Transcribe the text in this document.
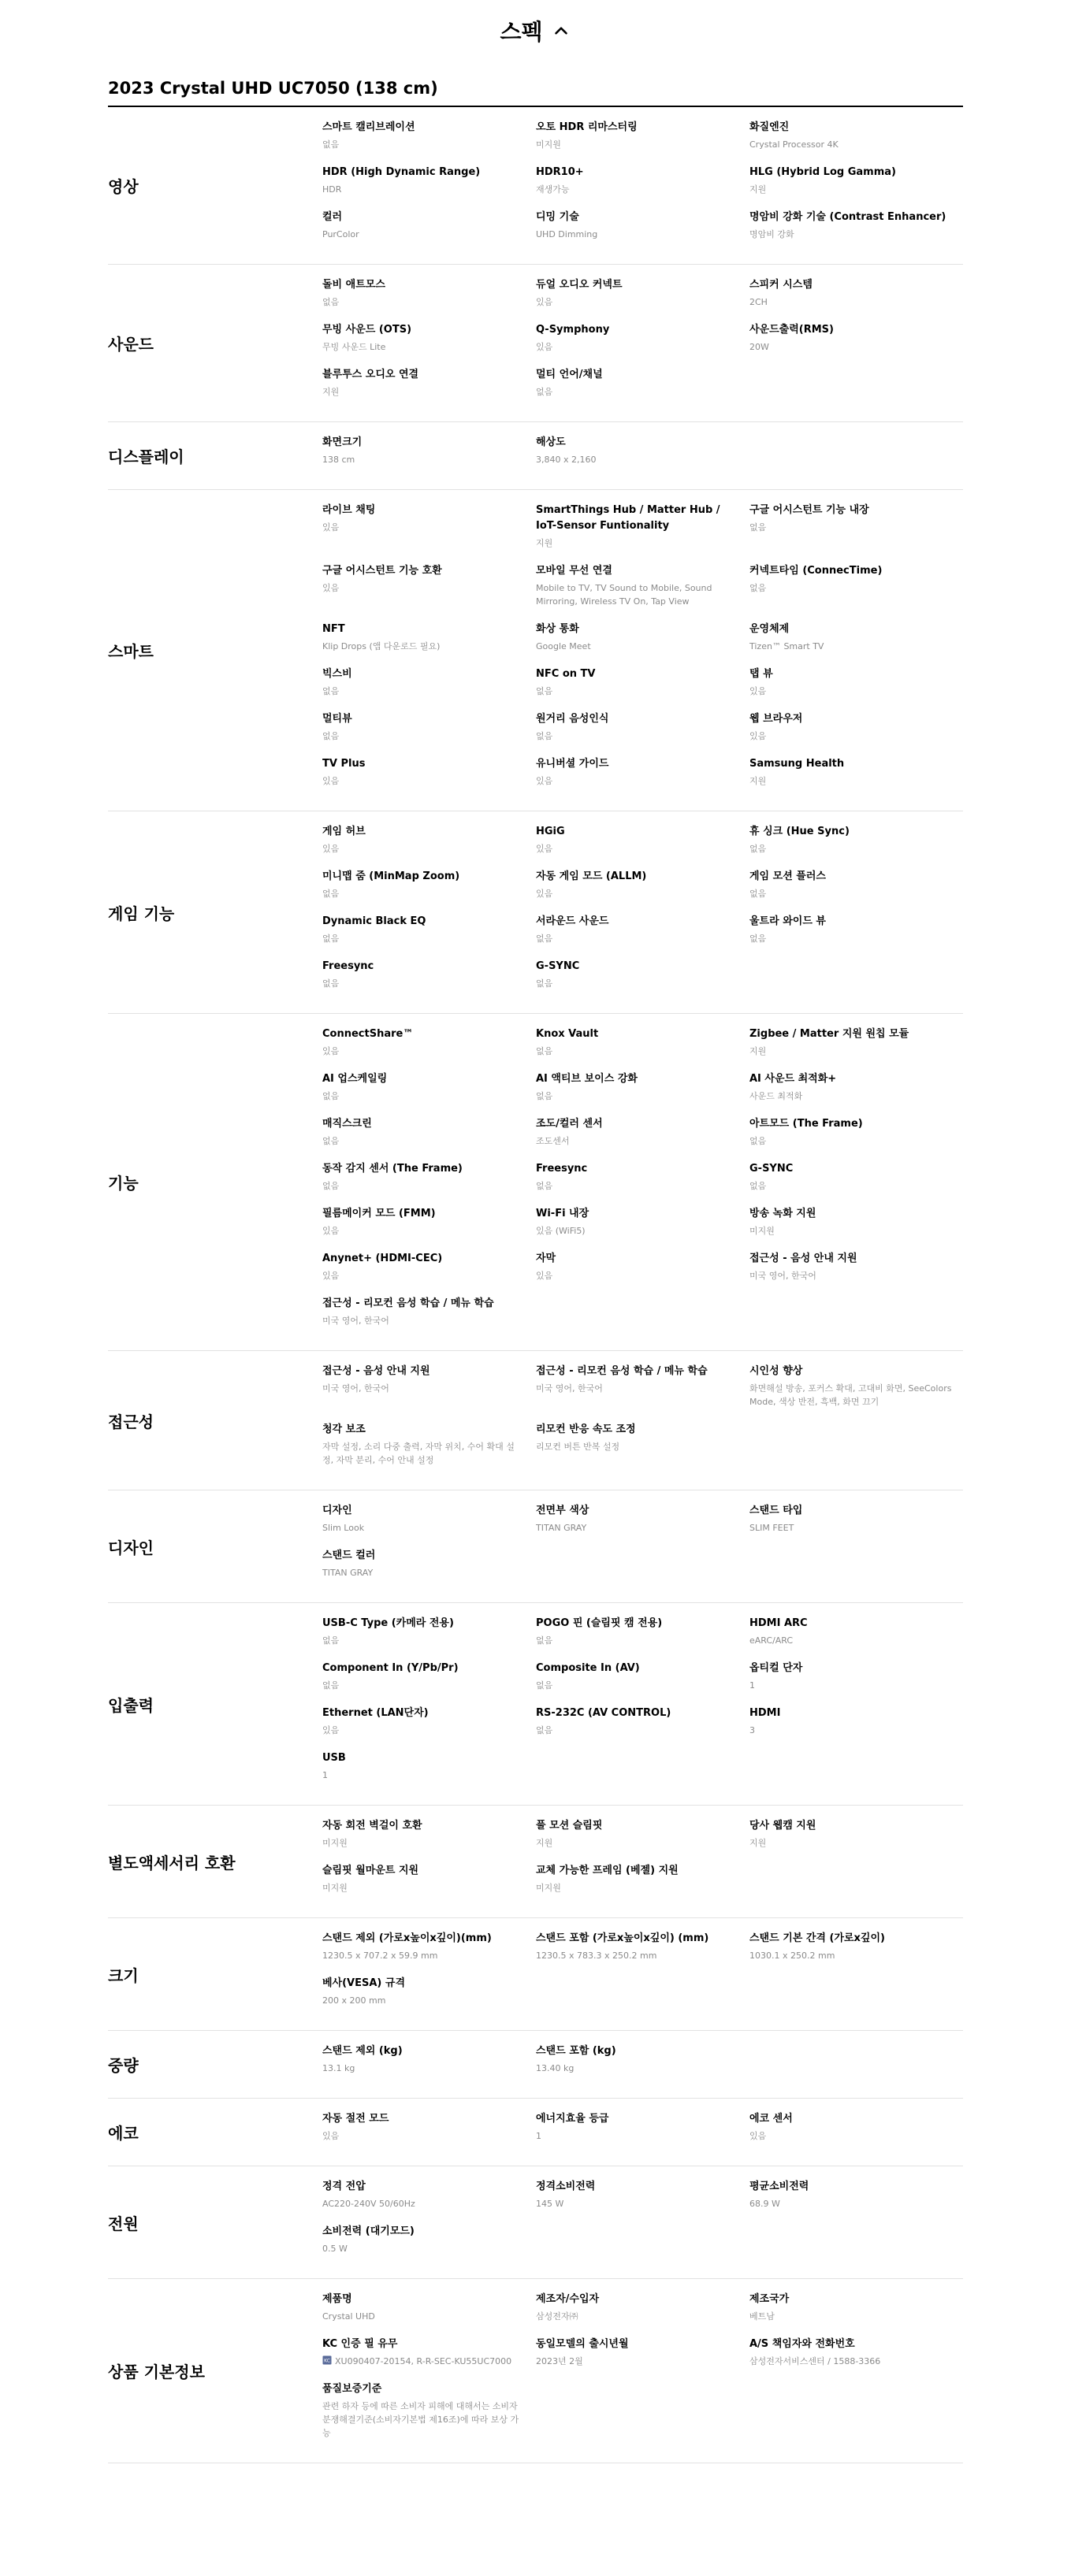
스펙
2023 Crystal UHD UC7050 (138 cm)
영상
스마트 캘리브레이션
없음
오토 HDR 리마스터링
미지원
화질엔진
Crystal Processor 4K
HDR (High Dynamic Range)
HDR
HDR10+
재생가능
HLG (Hybrid Log Gamma)
지원
컬러
PurColor
디밍 기술
UHD Dimming
명암비 강화 기술 (Contrast Enhancer)
명암비 강화
사운드
돌비 애트모스
없음
듀얼 오디오 커넥트
있음
스피커 시스템
2CH
무빙 사운드 (OTS)
무빙 사운드 Lite
Q-Symphony
있음
사운드출력(RMS)
20W
블루투스 오디오 연결
지원
멀티 언어/채널
없음
디스플레이
화면크기
138 cm
해상도
3,840 x 2,160
스마트
라이브 채팅
있음
SmartThings Hub / Matter Hub / IoT-Sensor Funtionality
지원
구글 어시스턴트 기능 내장
없음
구글 어시스턴트 기능 호환
있음
모바일 무선 연결
Mobile to TV, TV Sound to Mobile, Sound Mirroring, Wireless TV On, Tap View
커넥트타임 (ConnecTime)
없음
NFT
Klip Drops (앱 다운로드 필요)
화상 통화
Google Meet
운영체제
Tizen™ Smart TV
빅스비
없음
NFC on TV
없음
탭 뷰
있음
멀티뷰
없음
원거리 음성인식
없음
웹 브라우저
있음
TV Plus
있음
유니버셜 가이드
있음
Samsung Health
지원
게임 기능
게임 허브
있음
HGiG
있음
휴 싱크 (Hue Sync)
없음
미니맵 줌 (MinMap Zoom)
없음
자동 게임 모드 (ALLM)
있음
게임 모션 플러스
없음
Dynamic Black EQ
없음
서라운드 사운드
없음
울트라 와이드 뷰
없음
Freesync
없음
G-SYNC
없음
기능
ConnectShare™
있음
Knox Vault
없음
Zigbee / Matter 지원 원칩 모듈
지원
AI 업스케일링
없음
AI 액티브 보이스 강화
없음
AI 사운드 최적화+
사운드 최적화
매직스크린
없음
조도/컬러 센서
조도센서
아트모드 (The Frame)
없음
동작 감지 센서 (The Frame)
없음
Freesync
없음
G-SYNC
없음
필름메이커 모드 (FMM)
있음
Wi-Fi 내장
있음 (WiFi5)
방송 녹화 지원
미지원
Anynet+ (HDMI-CEC)
있음
자막
있음
접근성 - 음성 안내 지원
미국 영어, 한국어
접근성 - 리모컨 음성 학습 / 메뉴 학습
미국 영어, 한국어
접근성
접근성 - 음성 안내 지원
미국 영어, 한국어
접근성 - 리모컨 음성 학습 / 메뉴 학습
미국 영어, 한국어
시인성 향상
화면해설 방송, 포커스 확대, 고대비 화면, SeeColors Mode, 색상 반전, 흑백, 화면 끄기
청각 보조
자막 설정, 소리 다중 출력, 자막 위치, 수어 확대 설정, 자막 분리, 수어 안내 설정
리모컨 반응 속도 조정
리모컨 버튼 반복 설정
디자인
디자인
Slim Look
전면부 색상
TITAN GRAY
스탠드 타입
SLIM FEET
스탠드 컬러
TITAN GRAY
입출력
USB-C Type (카메라 전용)
없음
POGO 핀 (슬림핏 캠 전용)
없음
HDMI ARC
eARC/ARC
Component In (Y/Pb/Pr)
없음
Composite In (AV)
없음
옵티컬 단자
1
Ethernet (LAN단자)
있음
RS-232C (AV CONTROL)
없음
HDMI
3
USB
1
별도액세서리 호환
자동 회전 벽걸이 호환
미지원
풀 모션 슬림핏
지원
당사 웹캠 지원
지원
슬림핏 월마운트 지원
미지원
교체 가능한 프레임 (베젤) 지원
미지원
크기
스탠드 제외 (가로x높이x깊이)(mm)
1230.5 x 707.2 x 59.9 mm
스탠드 포함 (가로x높이x깊이) (mm)
1230.5 x 783.3 x 250.2 mm
스탠드 기본 간격 (가로x깊이)
1030.1 x 250.2 mm
베사(VESA) 규격
200 x 200 mm
중량
스탠드 제외 (kg)
13.1 kg
스탠드 포함 (kg)
13.40 kg
에코
자동 절전 모드
있음
에너지효율 등급
1
에코 센서
있음
전원
정격 전압
AC220-240V 50/60Hz
정격소비전력
145 W
평균소비전력
68.9 W
소비전력 (대기모드)
0.5 W
상품 기본정보
제품명
Crystal UHD
제조자/수입자
삼성전자㈜
제조국가
베트남
KC 인증 필 유무
KC XU090407-20154, R-R-SEC-KU55UC7000
동일모델의 출시년월
2023년 2월
A/S 책임자와 전화번호
삼성전자서비스센터 / 1588-3366
품질보증기준
관련 하자 등에 따른 소비자 피해에 대해서는 소비자분쟁해결기준(소비자기본법 제16조)에 따라 보상 가능
